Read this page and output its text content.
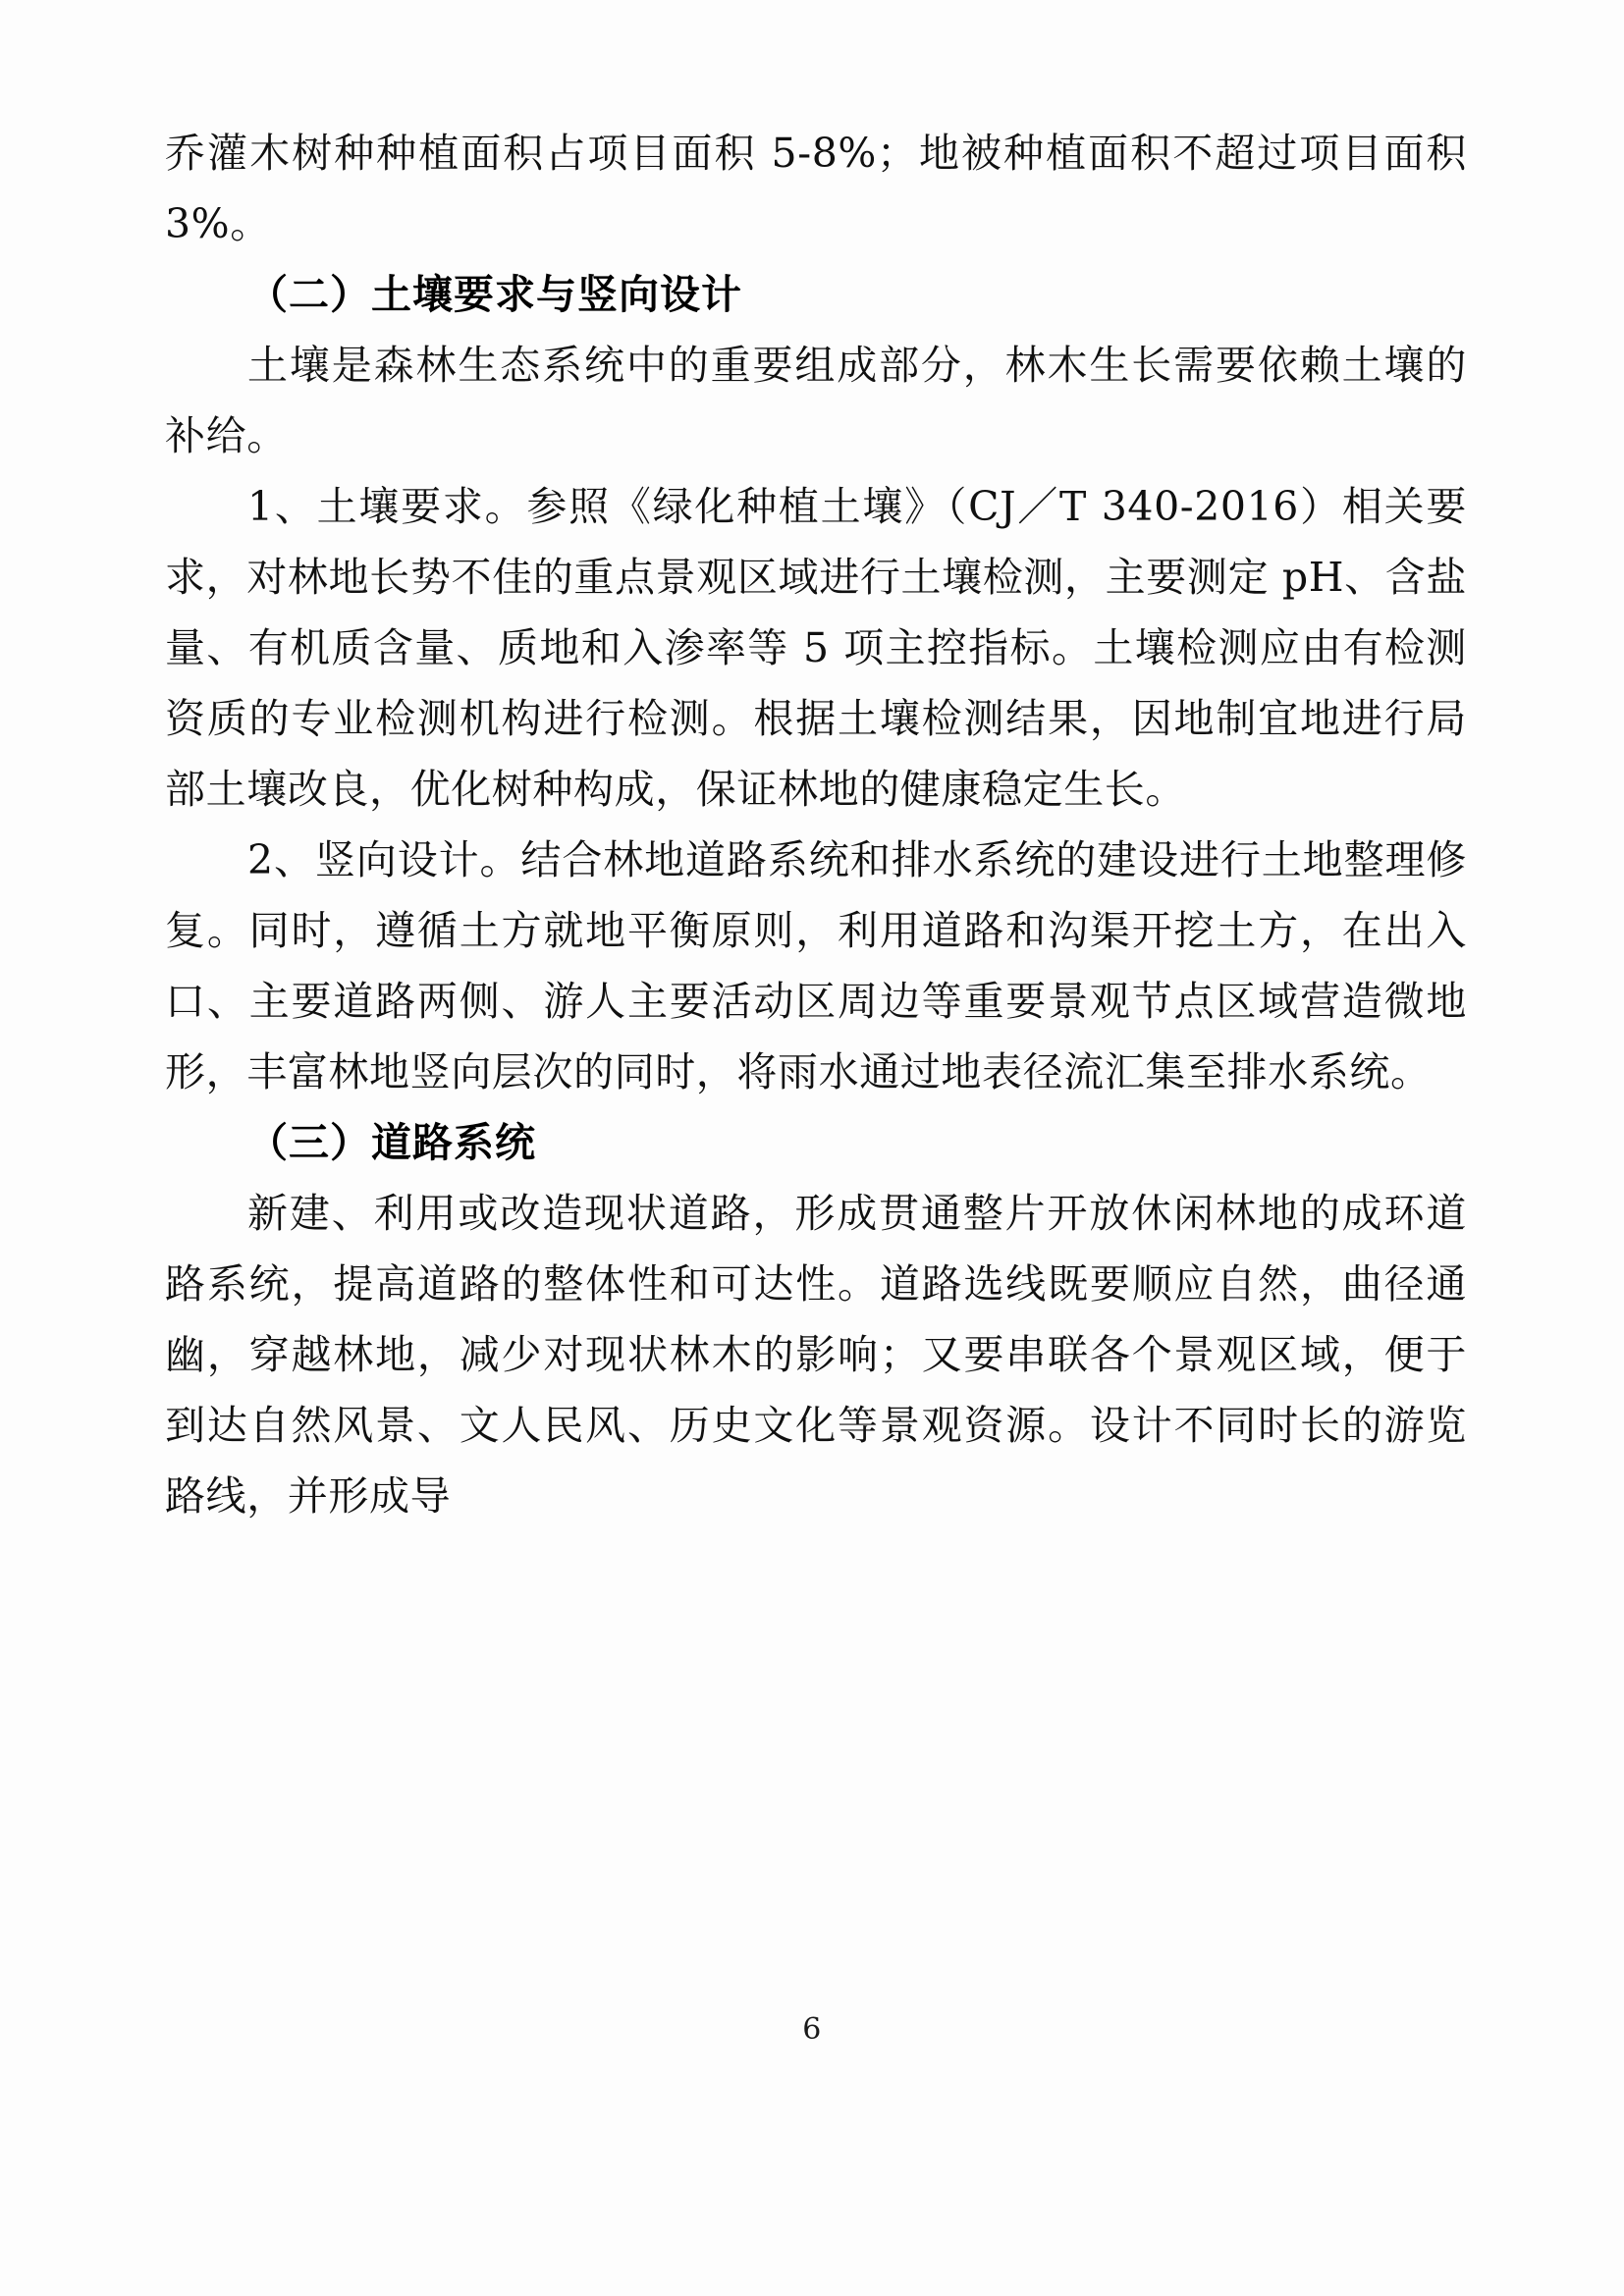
乔灌木树种种植面积占项目面积 5-8%；地被种植面积不超过项目面积 3%。

（二）土壤要求与竖向设计

土壤是森林生态系统中的重要组成部分，林木生长需要依赖土壤的补给。

1、土壤要求。参照《绿化种植土壤》（CJ／T 340-2016）相关要求，对林地长势不佳的重点景观区域进行土壤检测，主要测定 pH、含盐量、有机质含量、质地和入渗率等 5 项主控指标。土壤检测应由有检测资质的专业检测机构进行检测。根据土壤检测结果，因地制宜地进行局部土壤改良，优化树种构成，保证林地的健康稳定生长。

2、竖向设计。结合林地道路系统和排水系统的建设进行土地整理修复。同时，遵循土方就地平衡原则，利用道路和沟渠开挖土方，在出入口、主要道路两侧、游人主要活动区周边等重要景观节点区域营造微地形，丰富林地竖向层次的同时，将雨水通过地表径流汇集至排水系统。

（三）道路系统

新建、利用或改造现状道路，形成贯通整片开放休闲林地的成环道路系统，提高道路的整体性和可达性。道路选线既要顺应自然，曲径通幽，穿越林地，减少对现状林木的影响；又要串联各个景观区域，便于到达自然风景、文人民风、历史文化等景观资源。设计不同时长的游览路线，并形成导

6
